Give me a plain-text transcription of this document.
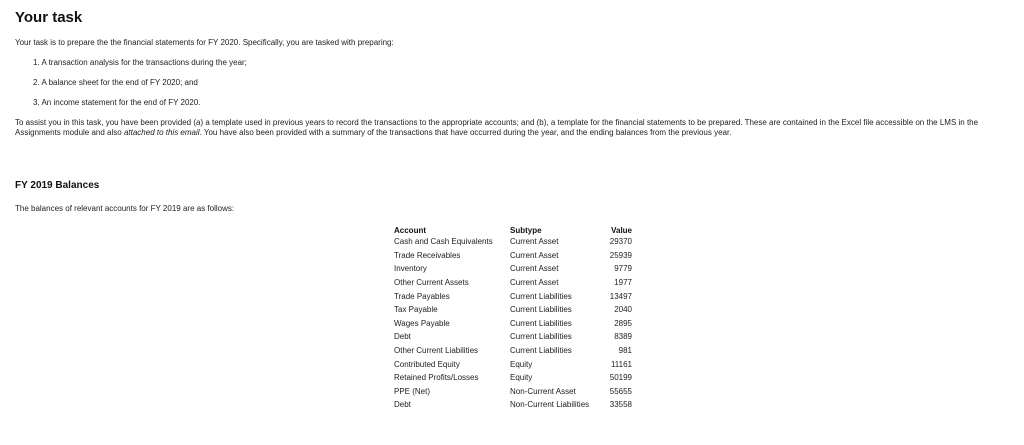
Your task
Your task is to prepare the the financial statements for FY 2020. Specifically, you are tasked with preparing:
1. A transaction analysis for the transactions during the year;
2. A balance sheet for the end of FY 2020; and
3. An income statement for the end of FY 2020.
To assist you in this task, you have been provided (a) a template used in previous years to record the transactions to the appropriate accounts; and (b), a template for the financial statements to be prepared. These are contained in the Excel file accessible on the LMS in the Assignments module and also attached to this email. You have also been provided with a summary of the transactions that have occurred during the year, and the ending balances from the previous year.
FY 2019 Balances
The balances of relevant accounts for FY 2019 are as follows:
Account	Subtype	Value
Cash and Cash Equivalents	Current Asset	29370
Trade Receivables	Current Asset	25939
Inventory	Current Asset	9779
Other Current Assets	Current Asset	1977
Trade Payables	Current Liabilities	13497
Tax Payable	Current Liabilities	2040
Wages Payable	Current Liabilities	2895
Debt	Current Liabilities	8389
Other Current Liabilities	Current Liabilities	981
Contributed Equity	Equity	11161
Retained Profits/Losses	Equity	50199
PPE (Net)	Non-Current Asset	55655
Debt	Non-Current Liabilities	33558
